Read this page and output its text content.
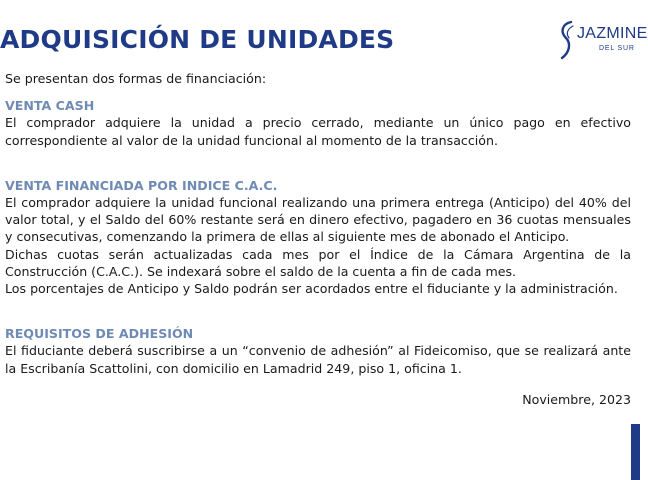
ADQUISICIÓN DE UNIDADES	JAZMINE
DEL SUR

Se presentan dos formas de financiación:

VENTA CASH

El comprador adquiere la unidad a precio cerrado, mediante un único pago en efectivo correspondiente al valor de la unidad funcional al momento de la transacción.

VENTA FINANCIADA POR INDICE C.A.C.

El comprador adquiere la unidad funcional realizando una primera entrega (Anticipo) del 40% del valor total, y el Saldo del 60% restante será en dinero efectivo, pagadero en 36 cuotas mensuales y consecutivas, comenzando la primera de ellas al siguiente mes de abonado el Anticipo.

Dichas cuotas serán actualizadas cada mes por el Índice de la Cámara Argentina de la Construcción (C.A.C.). Se indexará sobre el saldo de la cuenta a fin de cada mes.

Los porcentajes de Anticipo y Saldo podrán ser acordados entre el fiduciante y la administración.

REQUISITOS DE ADHESIÓN

El fiduciante deberá suscribirse a un “convenio de adhesión” al Fideicomiso, que se realizará ante la Escribanía Scattolini, con domicilio en Lamadrid 249, piso 1, oficina 1.

Noviembre, 2023
